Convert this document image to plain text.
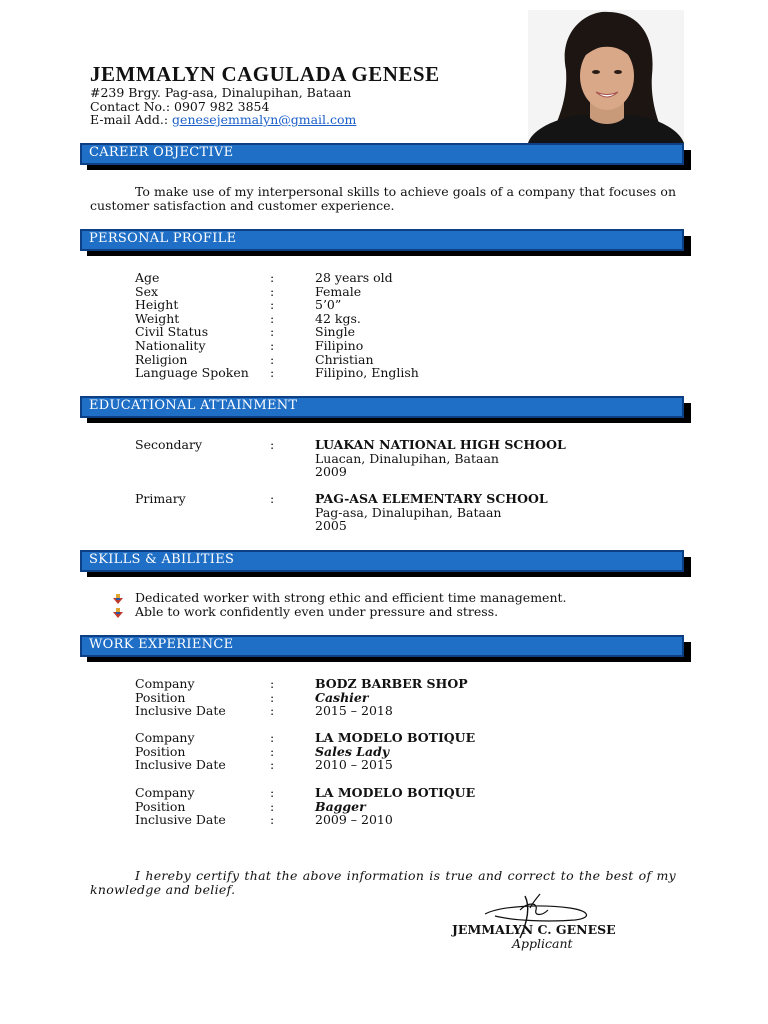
JEMMALYN CAGULADA GENESE
#239 Brgy. Pag-asa, Dinalupihan, Bataan
Contact No.: 0907 982 3854
E-mail Add.: genesejemmalyn@gmail.com
CAREER OBJECTIVE
To make use of my interpersonal skills to achieve goals of a company that focuses on customer satisfaction and customer experience.
PERSONAL PROFILE
Age	:	28 years old
Sex	:	Female
Height	:	5’0”
Weight	:	42 kgs.
Civil Status	:	Single
Nationality	:	Filipino
Religion	:	Christian
Language Spoken :	Filipino, English
EDUCATIONAL ATTAINMENT
Secondary	:	LUAKAN NATIONAL HIGH SCHOOL
Luacan, Dinalupihan, Bataan
2009
Primary	:	PAG-ASA ELEMENTARY SCHOOL
Pag-asa, Dinalupihan, Bataan
2005
SKILLS & ABILITIES
Dedicated worker with strong ethic and efficient time management.
Able to work confidently even under pressure and stress.
WORK EXPERIENCE
Company	:	BODZ BARBER SHOP
Position	:	Cashier
Inclusive Date	:	2015 – 2018
Company	:	LA MODELO BOTIQUE
Position	:	Sales Lady
Inclusive Date	:	2010 – 2015
Company	:	LA MODELO BOTIQUE
Position	:	Bagger
Inclusive Date	:	2009 – 2010
I hereby certify that the above information is true and correct to the best of my knowledge and belief.
JEMMALYN C. GENESE
Applicant
